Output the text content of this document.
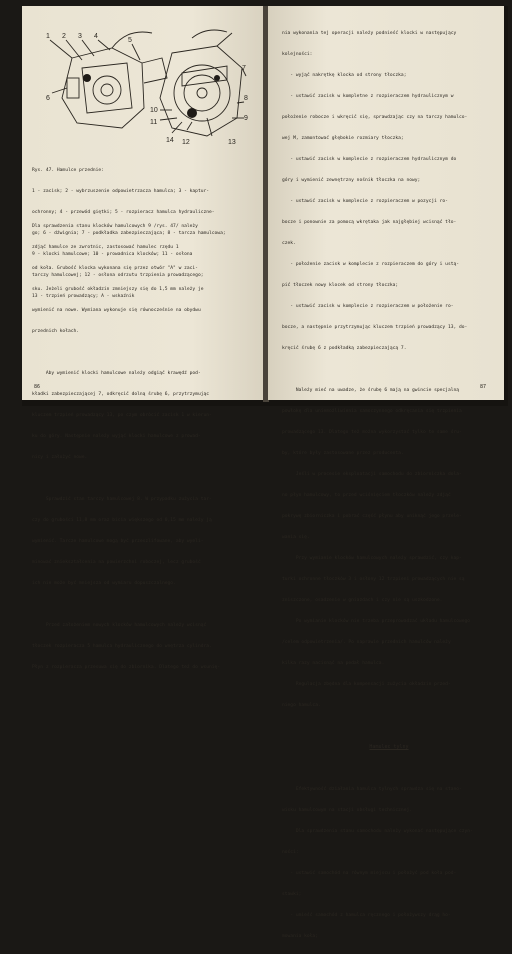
1 2 3 4
5
6
7
8
9
10
11
12	13
14

Rys. 47. Hamulce przednie:

1 - zacisk; 2 - wybrzuszenie odpowietrzacza hamulca; 3 - kaptur-

ochronny; 4 - przewód giętki; 5 - rozpieracz hamulca hydrauliczne-

go; 6 - dźwignia; 7 - podkładka zabezpieczająca; 8 - tarcza hamulcowa;

9 - klocki hamulcowe; 10 - prowadnica klocków; 11 - osłona

tarczy hamulcowej; 12 - osłona odrzutu trzpienia prowadzącego;

13 - trzpień prowadzący; A - wskaźnik

Dla sprawdzenia stanu klocków hamulcowych 9 /rys. 47/ należy

zdjąć hamulce ze zwrotnic, zastosować hamulec rzędu 1

od koła. Grubość klocka wykonana się przez otwór "A" w zaci-

sku. Jeżeli grubość okładzin zmniejszy się do 1,5 mm należy je

wymienić na nowe. Wymiana wykonuje się równocześnie na obydwu

przednich kołach.

Aby wymienić klocki hamulcowe należy odgiąć krawędź pod-

kładki zabezpieczającej 7, odkręcić dolną śrubę 6, przytrzymując

kluczem trzpień prowadzący 13, po czym obrócić zacisk 1 w kierun-

ku do góry. Następnie należy wyjąć klocki hamulcowe z prowad-

nicy i założyć nowe.

Sprawdzić stan tarczy hamulcowej 8. W przypadku zużycia tar-

czy do grubości 11,8 mm oraz bicia większego od 0,15 mm należy ją

wymienić. Tarcze hamulcowe mogą być przeszlifowane, aby wyeli-

minować zniekształcenia na powierzchni roboczej, lecz grubość

ich nie może być mniejsza od wymiaru dopuszczalnego.

Przed założeniem nowych klocków hamulcowych należy wcisnąć

tłoczek rozpieracza 5 hamulca hydraulicznego do wnętrza cylindra.

Płyn z rozpieracza przesuwa się do zbiornika. Dlatego też do wsunię-

86

nia wykonania tej operacji należy podnieść klocki w następujący

kolejności:

- wyjąć nakrętkę klocka od strony tłoczka;

- ustawić zacisk w kompletne z rozpieraczem hydraulicznym w

położenie robocze i wkręcić się, sprawdzając czy na tarczy hamulco-

wej M, zamontować głębokie rozmiary tłoczka;

- ustawić zacisk w komplecie z rozpieraczem hydraulicznym do

góry i wymienić zewnętrzny nośnik tłoczka na nowy;

- ustawić zacisk w komplecie z rozpieraczem w pozycji ro-

bocze i ponownie za pomocą wkrętaka jak najgłębiej wcisnąć tło-

czek.

- położenie zacisk w komplecie z rozpieraczem do góry i ustą-

pić tłoczek nowy klocek od strony tłoczka;

- ustawić zacisk w komplecie z rozpieraczem w położenie ro-

bocze, a następnie przytrzymując kluczem trzpień prowadzący 13, do-

kręcić śrubę 6 z podkładką zabezpieczającą 7.

Należy mieć na uwadze, że śrubę 6 mają na gwincie specjalną

powłokę dla uniemożliwienia samoczynnego odkręcania się trzpienia

prowadzącego 13. Dlatego też można wykorzystać tylko te same śru-

by, które były zastosowane przez producenta.

Jeśli w procesie eksploatacji samochodu do zbiorniczka dola-

no płyn hamulcowy, to przed wciśnięciem tłoczków należy zdjąć

pokrywę zbiorniczka i pobrać część płynu aby uniknąć jego przele-

wania się.

Przy wymianie klocków hamulcowych należy sprawdzić, czy kap-

turki ochronne tłoczków 3 i osłony 12 trzpieni prowadzących nie są

zniszczone, osadzenie w gniazdach i czy nie są uszkodzone.

Po wymianie klocków nie trzeba przeprowadzać układu hamulcowego

/celem odpowietrzenia/. Po naprawie przednich hamulców należy

kilka razy nacisnąć na pedał hamulca.

Regulacja zbędna dla kompensacji zużycia okładzin przed-

niego hamulca.

Hamulec tylny

Efektywność działania hamulca tylnych sprawdza się na stano-

wisku hamulcowym na stacji obsługi technicznej.

Dla sprawdzenia stanu samochodu należy wykonać następujące czyn-

ności:

- ustawić samochód na równym miejscu i położyć pod koła pod-

stawki;

- umieść samochód z hamulca ręcznego i położywszy drąg ho-

mowania koła;

87
